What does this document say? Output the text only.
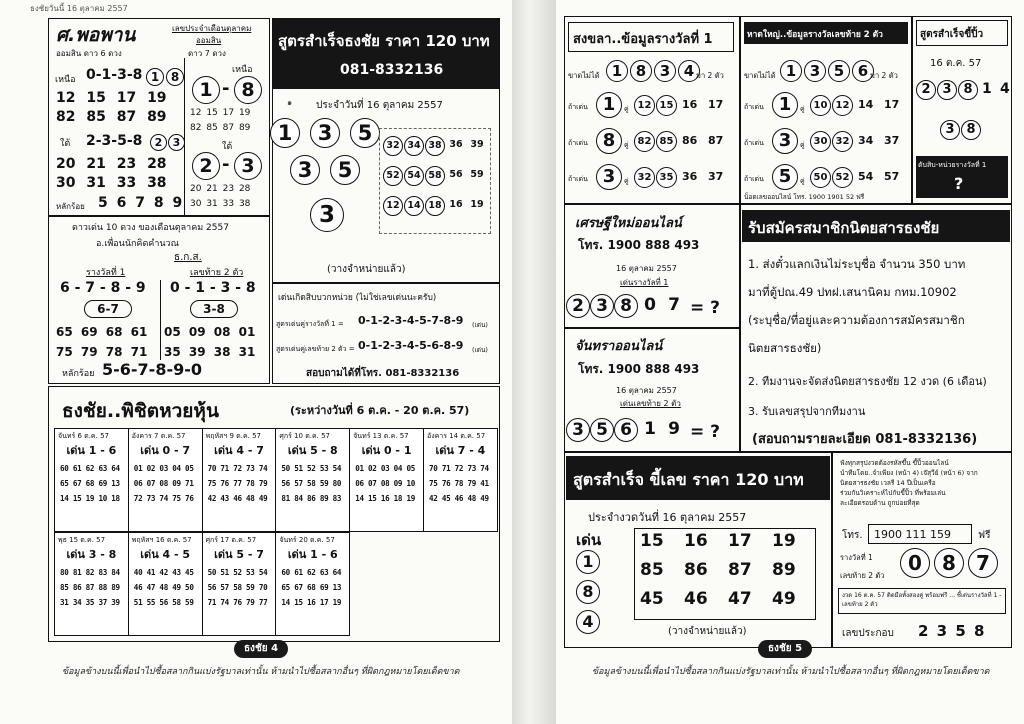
ธงชัยวันนี้ 16 ตุลาคม 2557
ศ.พอพาน
ออมสิน ดาว 6 ดวง
เลขประจำเดือนตุลาคม
ออมสิน
ดาว 7 ดวง
เหนือ 0-1-3-8 1 8
12 15 17 19
82 85 87 89
ใต้ 2-3-5-8	2 3
20 21 23 28
30 31 33 38
หลักร้อย 5 6 7 8 9
เหนือ
1 - 8
12 15 17 19
82 85 87 89
ใต้
2 - 3
20 21 23 28
30 31 33 38
สูตรสำเร็จธงชัย ราคา 120 บาท
081-8332136
๑ ประจำวันที่ 16 ตุลาคม 2557
1	3	5
3	5
3
32 34 38 36 39
52 54 58 56 59
12 14 18 16 19
(วางจำหน่ายแล้ว)
ดาวเด่น 10 ดวง ของเดือนตุลาคม 2557
อ.เพื่อนนักคิดคำนวณ
ธ.ก.ส.
รางวัลที่ 1	เลขท้าย 2 ตัว
6 - 7 - 8 - 9 0 - 1 - 3 - 8
6-7	3-8
65 69 68 61
75 79 78 71
05 09 08 01
35 39 38 31
หลักร้อย 5-6-7-8-9-0
เด่นเกิดสิบบวกหน่วย (ไม่ใช่เลขเด่นนะครับ)
สูตรเด่นคู่รางวัลที่ 1 = 0-1-2-3-4-5-7-8-9 (เด่น)
สูตรเด่นคู่เลขท้าย 2 ตัว = 0-1-2-3-4-5-6-8-9 (เด่น)
สอบถามได้ที่โทร. 081-8332136
ธงชัย..พิชิตหวยหุ้น	(ระหว่างวันที่ 6 ต.ค. - 20 ต.ค. 57)
จันทร์ 6 ต.ค. 57
เด่น 1 - 6
60 61 62 63 64
65 67 68 69 13
14 15 19 10 18
อังคาร 7 ต.ค. 57
เด่น 0 - 7
01 02 03 04 05
06 07 08 09 71
72 73 74 75 76
พฤหัสฯ 9 ต.ค. 57
เด่น 4 - 7
70 71 72 73 74
75 76 77 78 79
42 43 46 48 49
ศุกร์ 10 ต.ค. 57
เด่น 5 - 8
50 51 52 53 54
56 57 58 59 80
81 84 86 89 83
จันทร์ 13 ต.ค. 57
เด่น 0 - 1
01 02 03 04 05
06 07 08 09 10
14 15 16 18 19
อังคาร 14 ต.ค. 57
เด่น 7 - 4
70 71 72 73 74
75 76 78 79 41
42 45 46 48 49
พุธ 15 ต.ค. 57
เด่น 3 - 8
80 81 82 83 84
85 86 87 88 89
31 34 35 37 39
พฤหัสฯ 16 ต.ค. 57
เด่น 4 - 5
40 41 42 43 45
46 47 48 49 50
51 55 56 58 59
ศุกร์ 17 ต.ค. 57
เด่น 5 - 7
50 51 52 53 54
56 57 58 59 70
71 74 76 79 77
จันทร์ 20 ต.ค. 57
เด่น 1 - 6
60 61 62 63 64
65 67 68 69 13
14 15 16 17 19
ธงชัย 4
ข้อมูลข้างบนนี้เพื่อนำไปซื้อสลากกินแบ่งรัฐบาลเท่านั้น ห้ามนำไปซื้อสลากอื่นๆ ที่ผิดกฎหมายโดยเด็ดขาด
สงขลา..ข้อมูลรางวัลที่ 1
ขาดไม่ได้ 1 8 3 4 มา 2 ตัว
ถ้าเด่น 1	คู่ 12 15 16 17
ถ้าเด่น 8	คู่ 82 85 86 87
ถ้าเด่น 3	คู่ 32 35 36 37
หาดใหญ่..ข้อมูลรางวัลเลขท้าย 2 ตัว
ขาดไม่ได้ 1 3 5 6 มา 2 ตัว
ถ้าเด่น 1	คู่ 10 12 14 17
ถ้าเด่น 3	คู่ 30 32 34 37
ถ้าเด่น 5	คู่ 50 52 54 57
น็อตเลขออนไลน์ โทร. 1900 1901 52 ฟรี
สูตรสำเร็จขี้ปิ้ว
16 ต.ค. 57
2 3 8 1 4
3 8
ตับสิบ-หน่วยรางวัลที่ 1
?
เศรษฐีใหม่ออนไลน์
โทร. 1900 888 493
16 ตุลาคม 2557
เด่นรางวัลที่ 1
2 3 8 0 7 = ?
จันทราออนไลน์
โทร. 1900 888 493
16 ตุลาคม 2557
เด่นเลขท้าย 2 ตัว
3 5 6 1 9 = ?
รับสมัครสมาชิกนิตยสารธงชัย
1. ส่งตั๋วแลกเงินไม่ระบุชื่อ จำนวน 350 บาท
มาที่ตู้ปณ.49 ปทฝ.เสนานิคม กทม.10902
(ระบุชื่อ/ที่อยู่และความต้องการสมัครสมาชิก
นิตยสารธงชัย)
2. ทีมงานจะจัดส่งนิตยสารธงชัย 12 งวด (6 เดือน)
3. รับเลขสรุปจากทีมงาน
(สอบถามรายละเอียด 081-8332136)
สูตรสำเร็จ ขี้เลข ราคา 120 บาท
ประจำงวดวันที่ 16 ตุลาคม 2557
เด่น
1
8
4
15 16 17 19
85 86 87 89
45 46 47 49
(วางจำหน่ายแล้ว)
ฟังทุกสรุปงวดต้องรหัสขึ้น ขี้ปิ้วออนไลน์
นำทีมโดย..จำเพียง (หน้า 4) เจ๊สุวีย์ (หน้า 6) จาก
นิตยสารธงชัย เวลรี 14 ปีเป็นเครือ
ร่วมกันวิเคราะห์ไปกับขี้ปิ้ว ที่พร้อมเล่น
ละเอียดรอบด้าน ถูกบ่อยที่สุด
โทร. 1900 111 159	ฟรี
รางวัลที่ 1
เลขท้าย 2 ตัว
0	8	7
งวด 16 ต.ค. 57 ติดมือทั้งสองคู่ พร้อมฟรี ... ชี้เด่นรางวัลที่ 1 - เลขท้าย 2 ตัว
เลขประกอบ 2 3 5 8
ธงชัย 5
ข้อมูลข้างบนนี้เพื่อนำไปซื้อสลากกินแบ่งรัฐบาลเท่านั้น ห้ามนำไปซื้อสลากอื่นๆ ที่ผิดกฎหมายโดยเด็ดขาด
